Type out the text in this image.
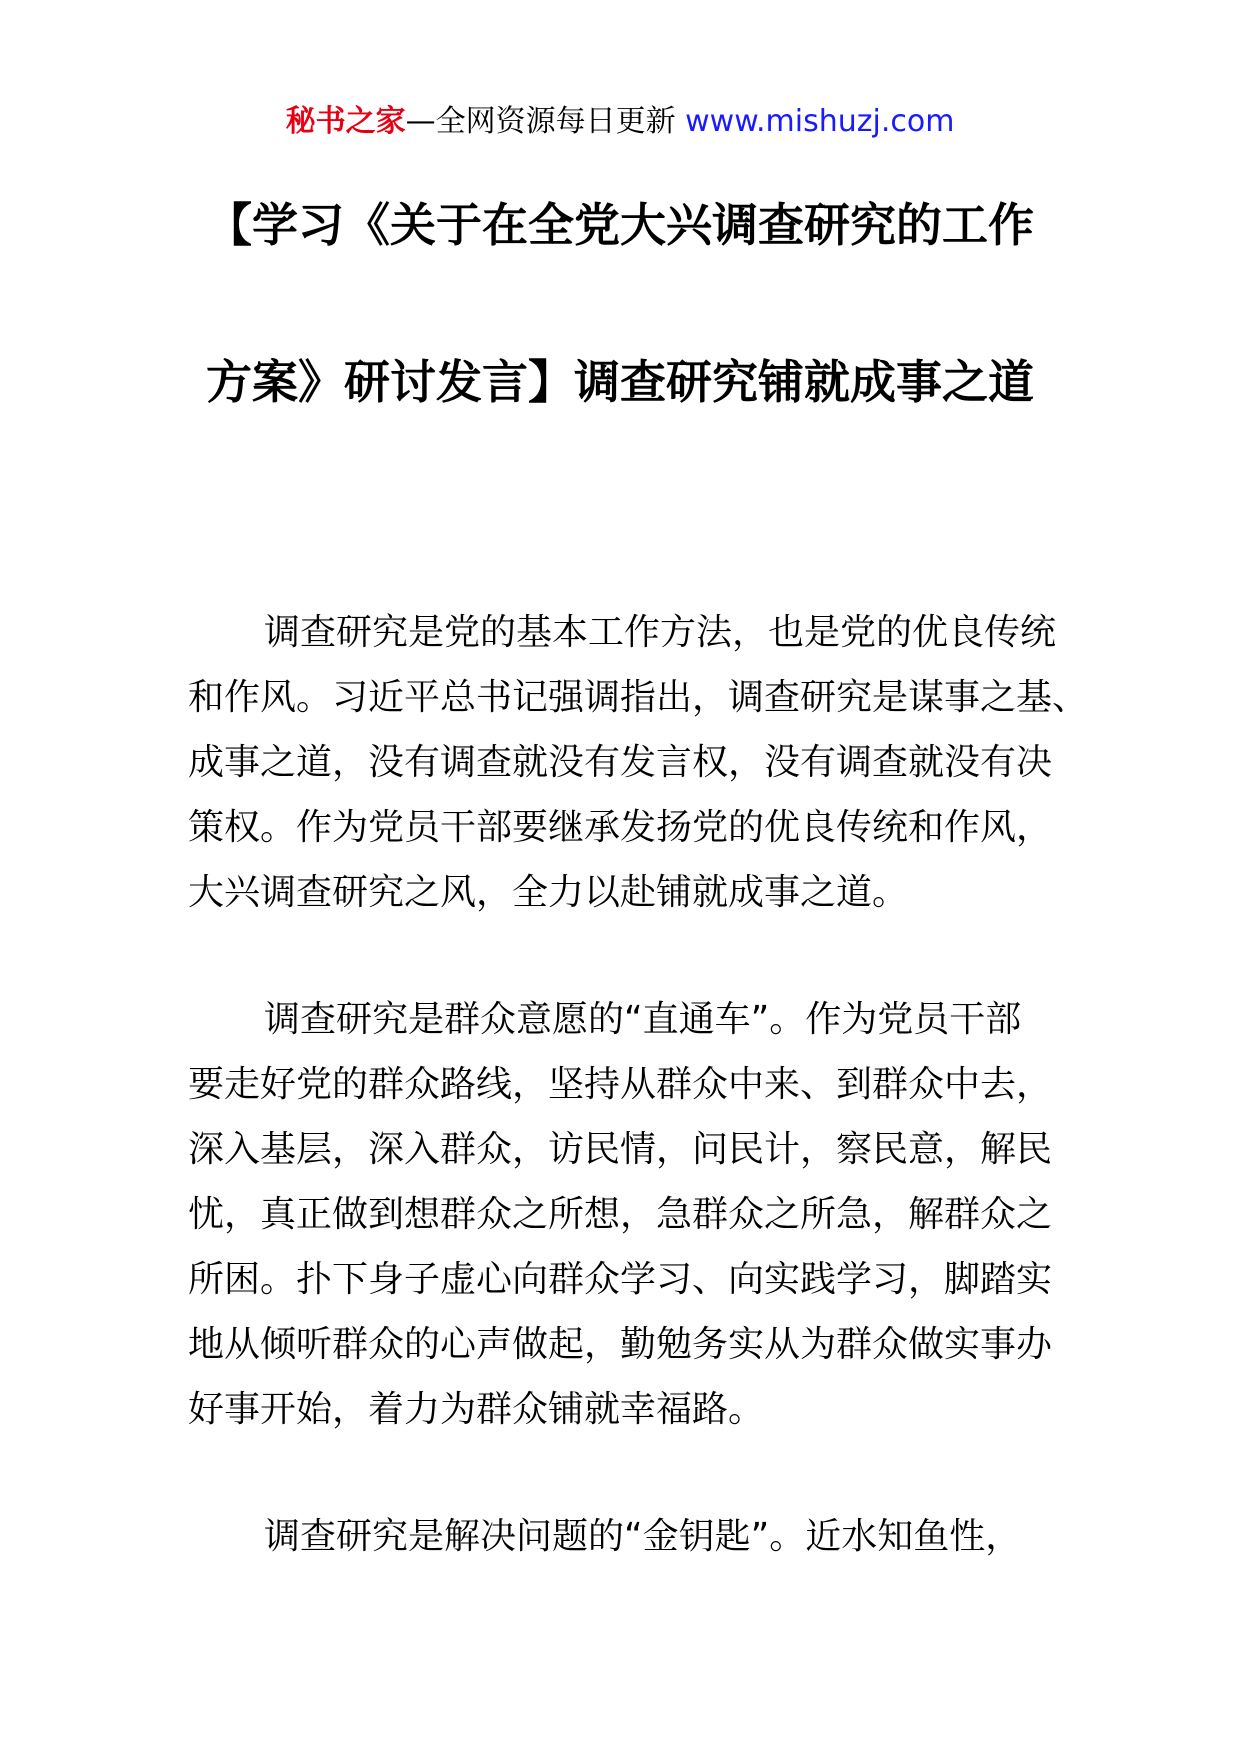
秘书之家—全网资源每日更新 www.mishuzj.com
【学习《关于在全党大兴调查研究的工作
方案》研讨发言】调查研究铺就成事之道
调查研究是党的基本工作方法，也是党的优良传统
和作风。习近平总书记强调指出，调查研究是谋事之基、
成事之道，没有调查就没有发言权，没有调查就没有决
策权。作为党员干部要继承发扬党的优良传统和作风，
大兴调查研究之风，全力以赴铺就成事之道。
调查研究是群众意愿的“直通车”。作为党员干部
要走好党的群众路线，坚持从群众中来、到群众中去，
深入基层，深入群众，访民情，问民计，察民意，解民
忧，真正做到想群众之所想，急群众之所急，解群众之
所困。扑下身子虚心向群众学习、向实践学习，脚踏实
地从倾听群众的心声做起，勤勉务实从为群众做实事办
好事开始，着力为群众铺就幸福路。
调查研究是解决问题的“金钥匙”。近水知鱼性，
